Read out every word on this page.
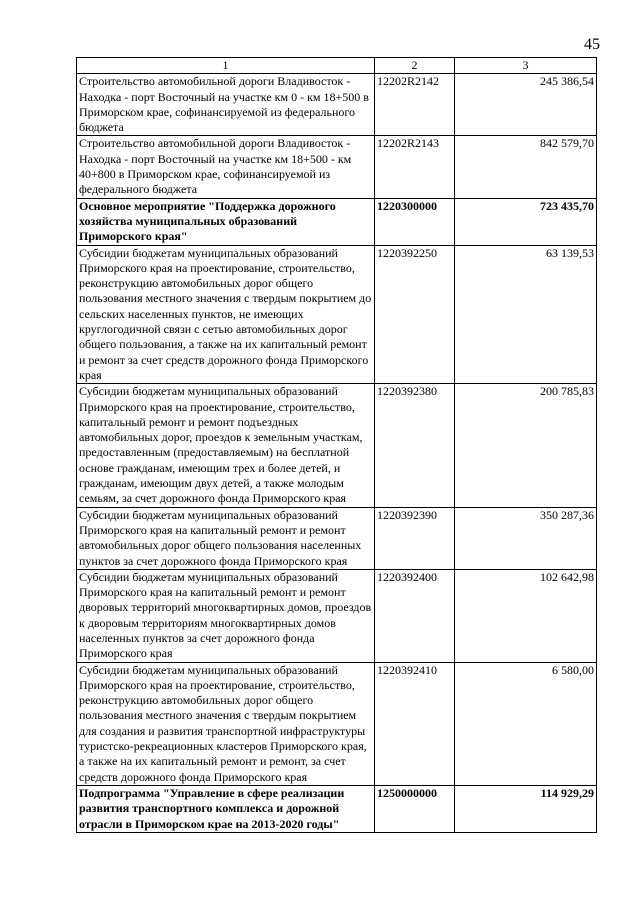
45
1	2	3
Строительство автомобильной дороги Владивосток - Находка - порт Восточный на участке км 0 - км 18+500 в Приморском крае, софинансируемой из федерального бюджета	12202R2142	245 386,54
Строительство автомобильной дороги Владивосток - Находка - порт Восточный на участке км 18+500 - км 40+800 в Приморском крае, софинансируемой из федерального бюджета	12202R2143	842 579,70
Основное мероприятие "Поддержка дорожного хозяйства муниципальных образований Приморского края"	1220300000	723 435,70
Субсидии бюджетам муниципальных образований Приморского края на проектирование, строительство, реконструкцию автомобильных дорог общего пользования местного значения с твердым покрытием до сельских населенных пунктов, не имеющих круглогодичной связи с сетью автомобильных дорог общего пользования, а также на их капитальный ремонт и ремонт за счет средств дорожного фонда Приморского края	1220392250	63 139,53
Субсидии бюджетам муниципальных образований Приморского края на проектирование, строительство, капитальный ремонт и ремонт подъездных автомобильных дорог, проездов к земельным участкам, предоставленным (предоставляемым) на бесплатной основе гражданам, имеющим трех и более детей, и гражданам, имеющим двух детей, а также молодым семьям, за счет дорожного фонда Приморского края	1220392380	200 785,83
Субсидии бюджетам муниципальных образований Приморского края на капитальный ремонт и ремонт автомобильных дорог общего пользования населенных пунктов за счет дорожного фонда Приморского края	1220392390	350 287,36
Субсидии бюджетам муниципальных образований Приморского края на капитальный ремонт и ремонт дворовых территорий многоквартирных домов, проездов к дворовым территориям многоквартирных домов населенных пунктов за счет дорожного фонда Приморского края	1220392400	102 642,98
Субсидии бюджетам муниципальных образований Приморского края на проектирование, строительство, реконструкцию автомобильных дорог общего пользования местного значения с твердым покрытием для создания и развития транспортной инфраструктуры туристско-рекреационных кластеров Приморского края, а также на их капитальный ремонт и ремонт, за счет средств дорожного фонда Приморского края	1220392410	6 580,00
Подпрограмма "Управление в сфере реализации развития транспортного комплекса и дорожной отрасли в Приморском крае на 2013-2020 годы"	1250000000	114 929,29
